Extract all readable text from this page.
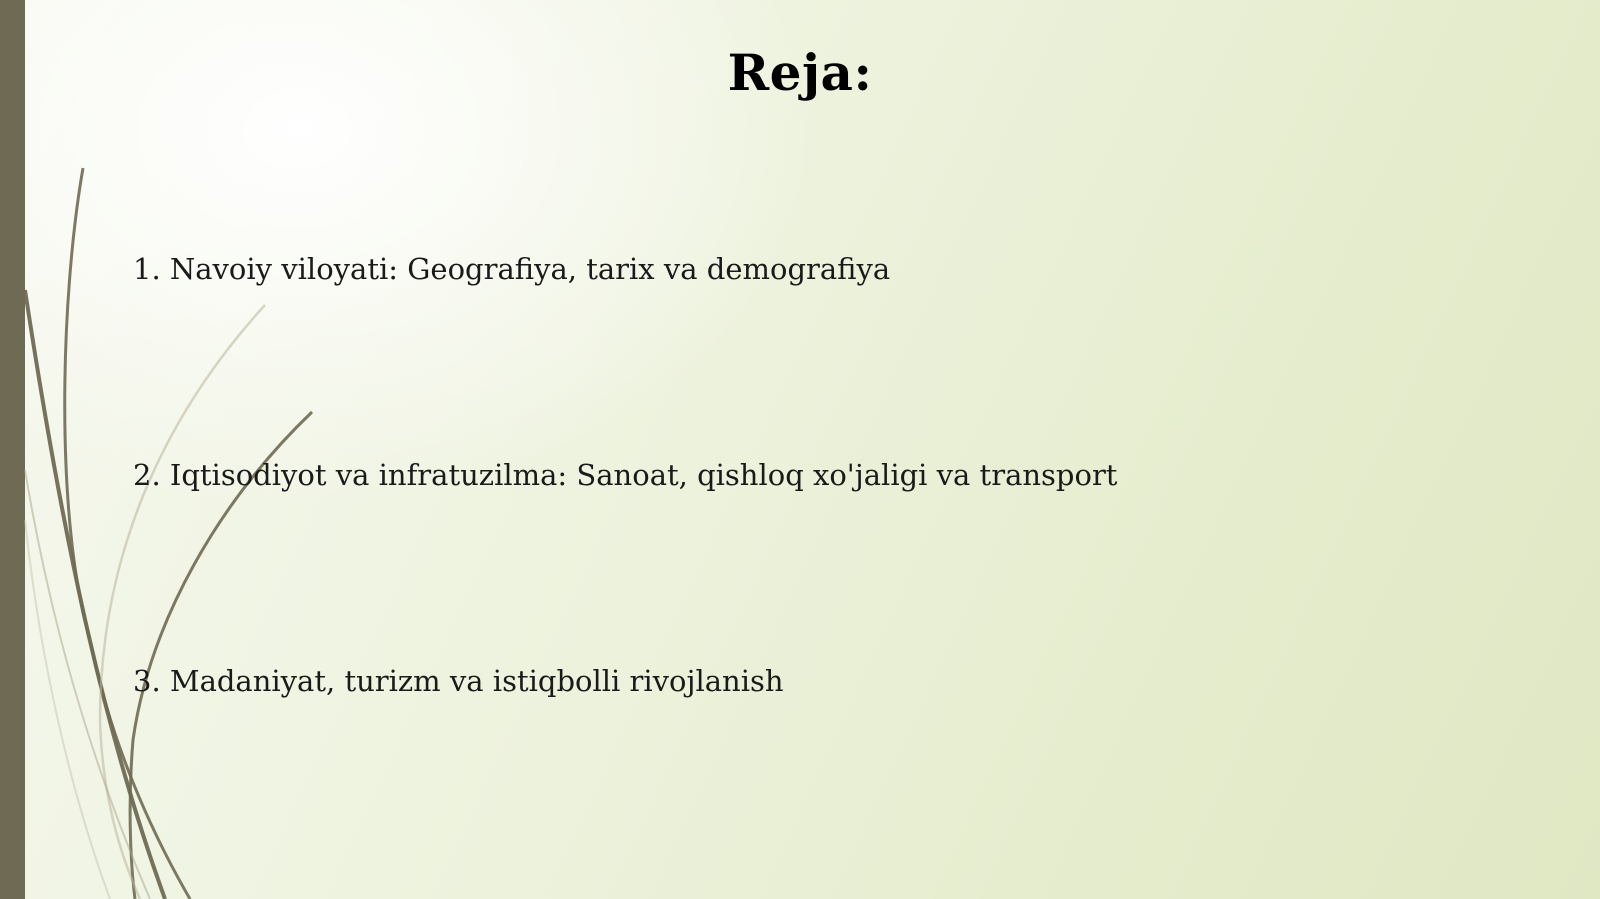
Reja:
1. Navoiy viloyati: Geografiya, tarix va demografiya
2. Iqtisodiyot va infratuzilma: Sanoat, qishloq xo'jaligi va transport
3. Madaniyat, turizm va istiqbolli rivojlanish
